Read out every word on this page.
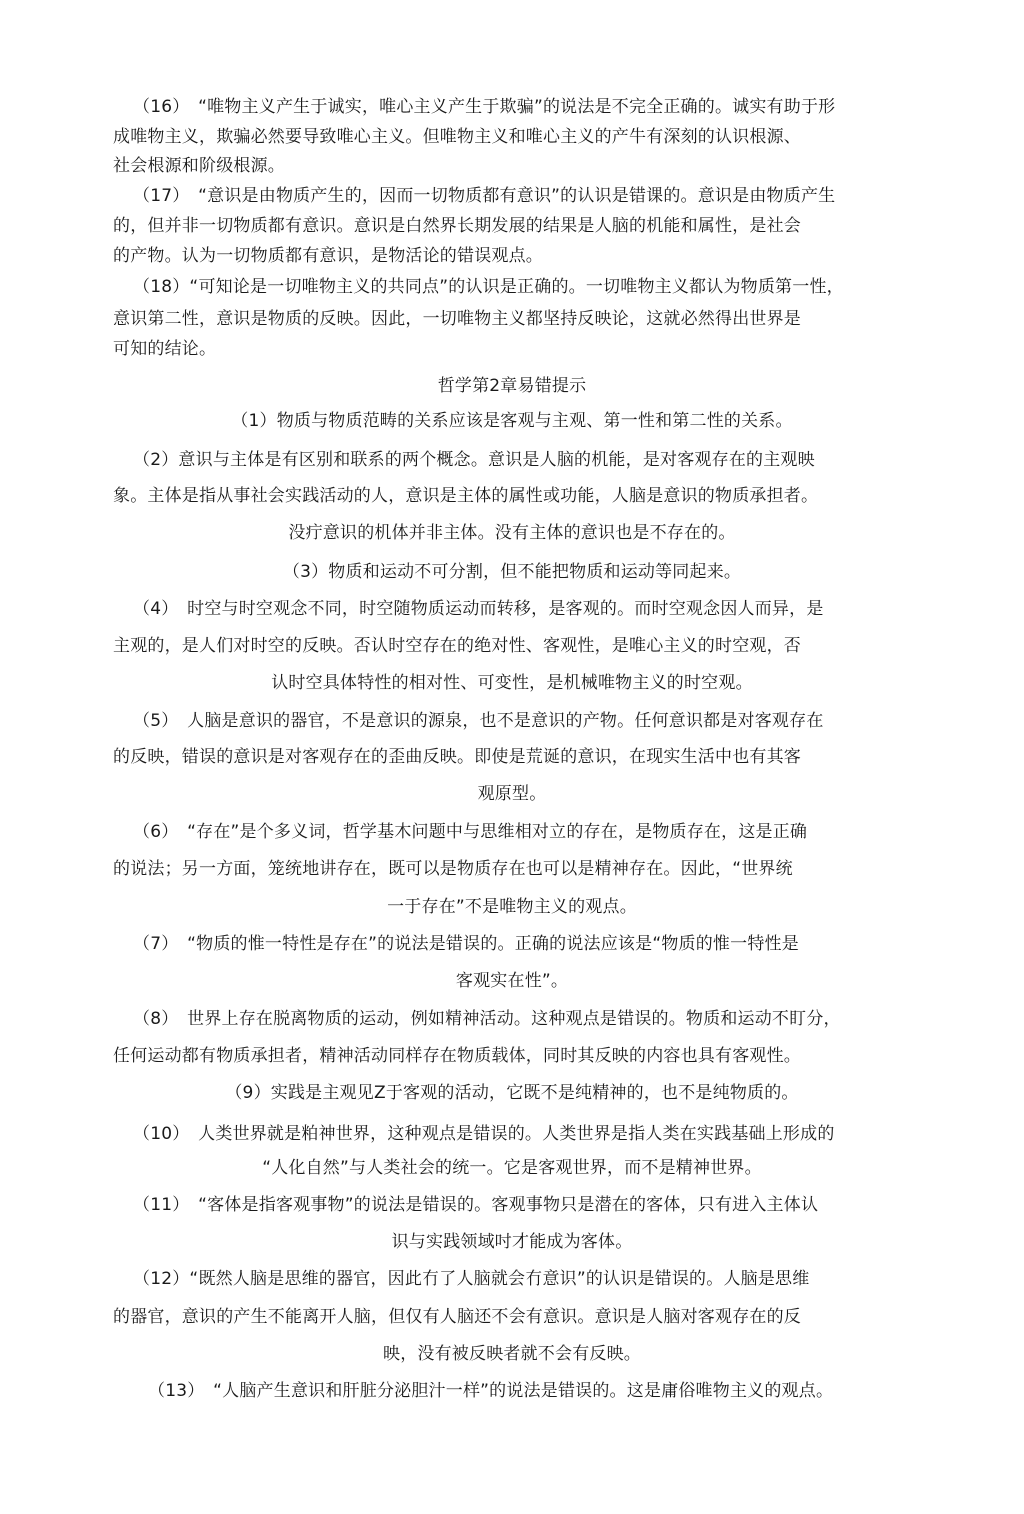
（16）　“唯物主义产生于诚实，唯心主义产生于欺骗”的说法是不完全正确的。诚实有助于形
成唯物主义，欺骗必然要导致唯心主义。但唯物主义和唯心主义的产牛有深刻的认识根源、
社会根源和阶级根源。
（17）　“意识是由物质产生的，因而一切物质都有意识”的认识是错课的。意识是由物质产生
的，但并非一切物质都有意识。意识是白然界长期发展的结果是人脑的机能和属性，是社会
的产物。认为一切物质都有意识，是物活论的错误观点。
（18）“可知论是一切唯物主义的共同点”的认识是正确的。一切唯物主义都认为物质第一性，
意识第二性，意识是物质的反映。因此，一切唯物主义都坚持反映论，这就必然得出世界是
可知的结论。
哲学第2章易错提示
（1）物质与物质范畴的关系应该是客观与主观、第一性和第二性的关系。
（2）意识与主体是有区别和联系的两个概念。意识是人脑的机能，是对客观存在的主观映
象。主体是指从事社会实践活动的人，意识是主体的属性或功能，人脑是意识的物质承担者。
没疔意识的机体并非主体。没有主体的意识也是不存在的。
（3）物质和运动不可分割，但不能把物质和运动等同起来。
（4）　时空与时空观念不同，时空随物质运动而转移，是客观的。而时空观念因人而异，是
主观的，是人们对时空的反映。否认时空存在的绝对性、客观性，是唯心主义的时空观，否
认时空具体特性的相对性、可变性，是机械唯物主义的时空观。
（5）　人脑是意识的器官，不是意识的源泉，也不是意识的产物。任何意识都是对客观存在
的反映，错误的意识是对客观存在的歪曲反映。即使是荒诞的意识，在现实生活中也有其客
观原型。
（6）　“存在”是个多义词，哲学基木问题中与思维相对立的存在，是物质存在，这是正确
的说法；另一方面，笼统地讲存在，既可以是物质存在也可以是精神存在。因此，“世界统
一于存在”不是唯物主义的观点。
（7）　“物质的惟一特性是存在”的说法是错误的。正确的说法应该是“物质的惟一特性是
客观实在性”。
（8）　世界上存在脱离物质的运动，例如精神活动。这种观点是错误的。物质和运动不盯分，
任何运动都有物质承担者，精神活动同样存在物质载体，同时其反映的内容也具有客观性。
（9）实践是主观见Z于客观的活动，它既不是纯精神的，也不是纯物质的。
（10）　人类世界就是粕神世界，这种观点是错误的。人类世界是指人类在实践基础上形成的
“人化自然”与人类社会的统一。它是客观世界，而不是精神世界。
（11）　“客体是指客观事物”的说法是错误的。客观事物只是潜在的客体，只有进入主体认
识与实践领域吋才能成为客体。
（12）“既然人脑是思维的器官，因此冇了人脑就会冇意识”的认识是错误的。人脑是思维
的器官，意识的产生不能离开人脑，但仅有人脑还不会有意识。意识是人脑对客观存在的反
映，没有被反映者就不会有反映。
（13）　“人脑产生意识和肝脏分泌胆汁一样”的说法是错误的。这是庸俗唯物主义的观点。
